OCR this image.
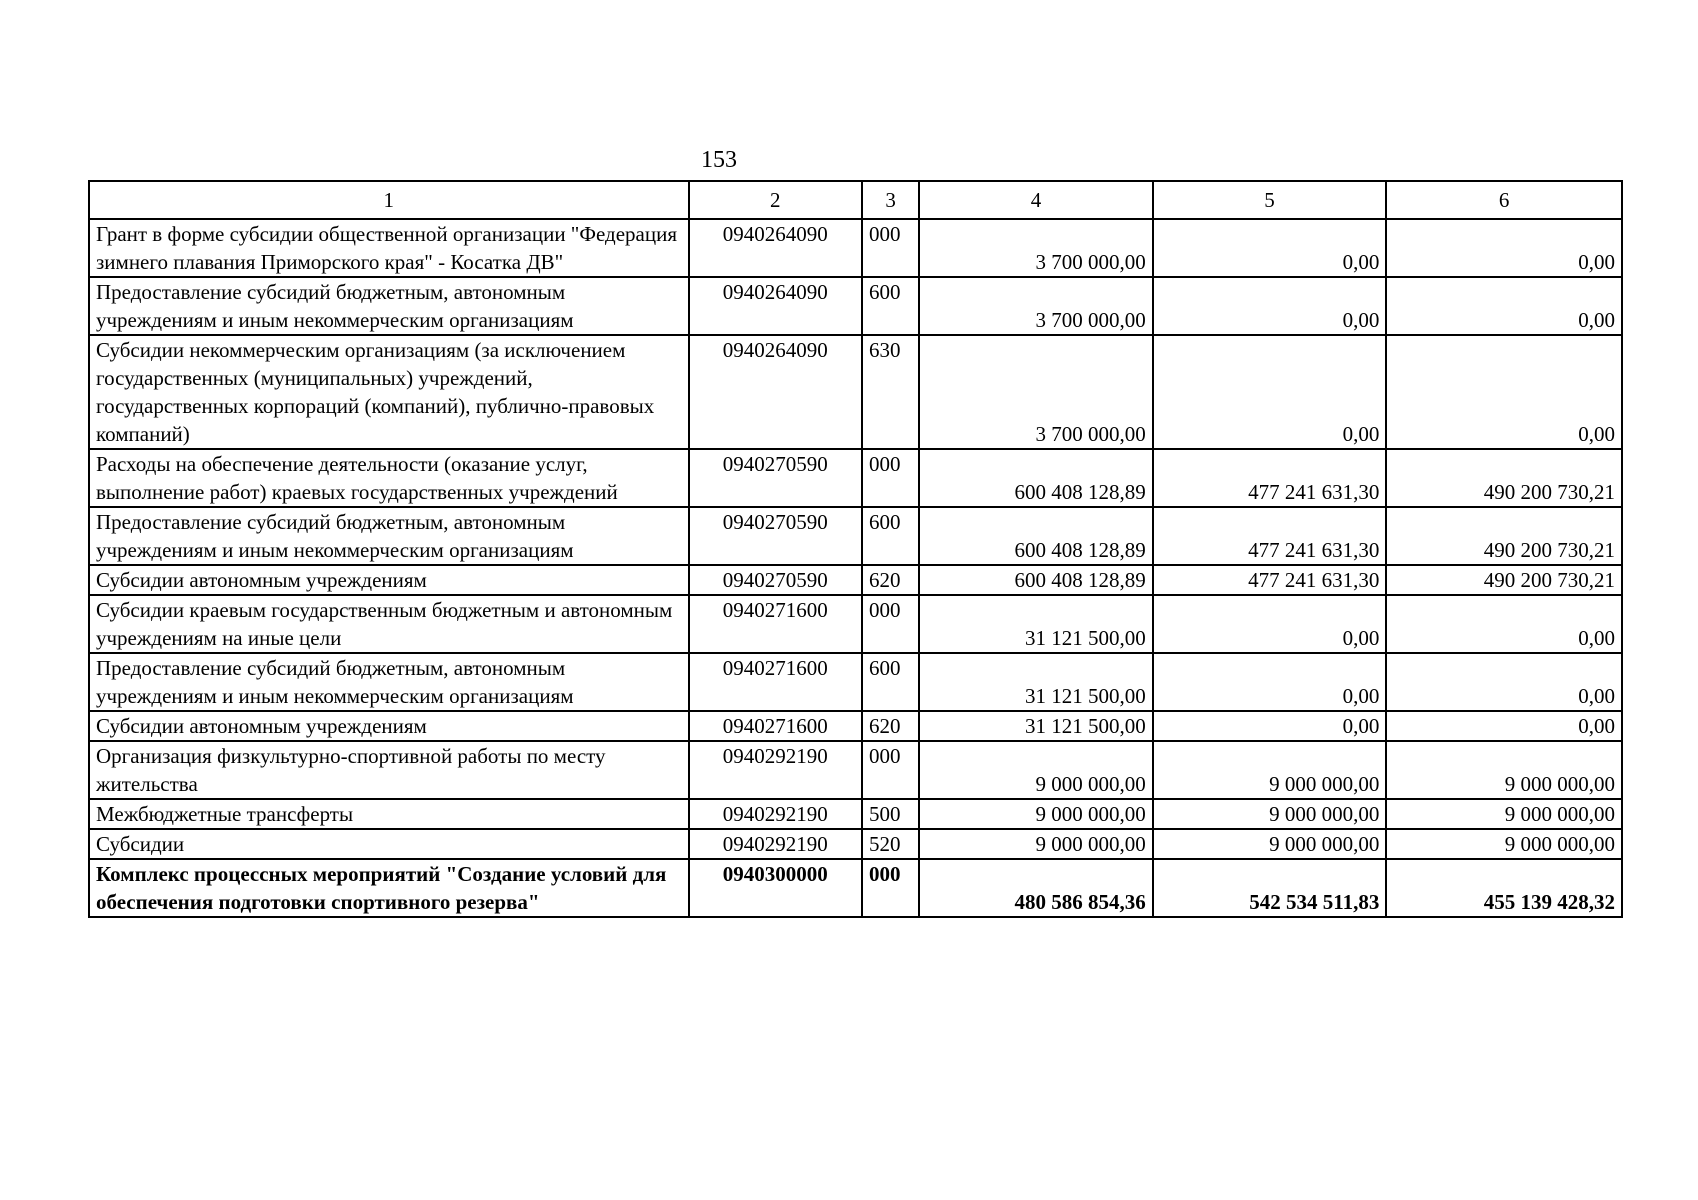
153
1	2	3	4	5	6
Грант в форме субсидии общественной организации "Федерация зимнего плавания Приморского края" - Косатка ДВ"	0940264090	000	3 700 000,00	0,00	0,00
Предоставление субсидий бюджетным, автономным учреждениям и иным некоммерческим организациям	0940264090	600	3 700 000,00	0,00	0,00
Субсидии некоммерческим организациям (за исключением государственных (муниципальных) учреждений, государственных корпораций (компаний), публично-правовых компаний)	0940264090	630	3 700 000,00	0,00	0,00
Расходы на обеспечение деятельности (оказание услуг, выполнение работ) краевых государственных учреждений	0940270590	000	600 408 128,89	477 241 631,30	490 200 730,21
Предоставление субсидий бюджетным, автономным учреждениям и иным некоммерческим организациям	0940270590	600	600 408 128,89	477 241 631,30	490 200 730,21
Субсидии автономным учреждениям	0940270590	620	600 408 128,89	477 241 631,30	490 200 730,21
Субсидии краевым государственным бюджетным и автономным учреждениям на иные цели	0940271600	000	31 121 500,00	0,00	0,00
Предоставление субсидий бюджетным, автономным учреждениям и иным некоммерческим организациям	0940271600	600	31 121 500,00	0,00	0,00
Субсидии автономным учреждениям	0940271600	620	31 121 500,00	0,00	0,00
Организация физкультурно-спортивной работы по месту жительства	0940292190	000	9 000 000,00	9 000 000,00	9 000 000,00
Межбюджетные трансферты	0940292190	500	9 000 000,00	9 000 000,00	9 000 000,00
Субсидии	0940292190	520	9 000 000,00	9 000 000,00	9 000 000,00
Комплекс процессных мероприятий "Создание условий для обеспечения подготовки спортивного резерва"	0940300000	000	480 586 854,36	542 534 511,83	455 139 428,32
